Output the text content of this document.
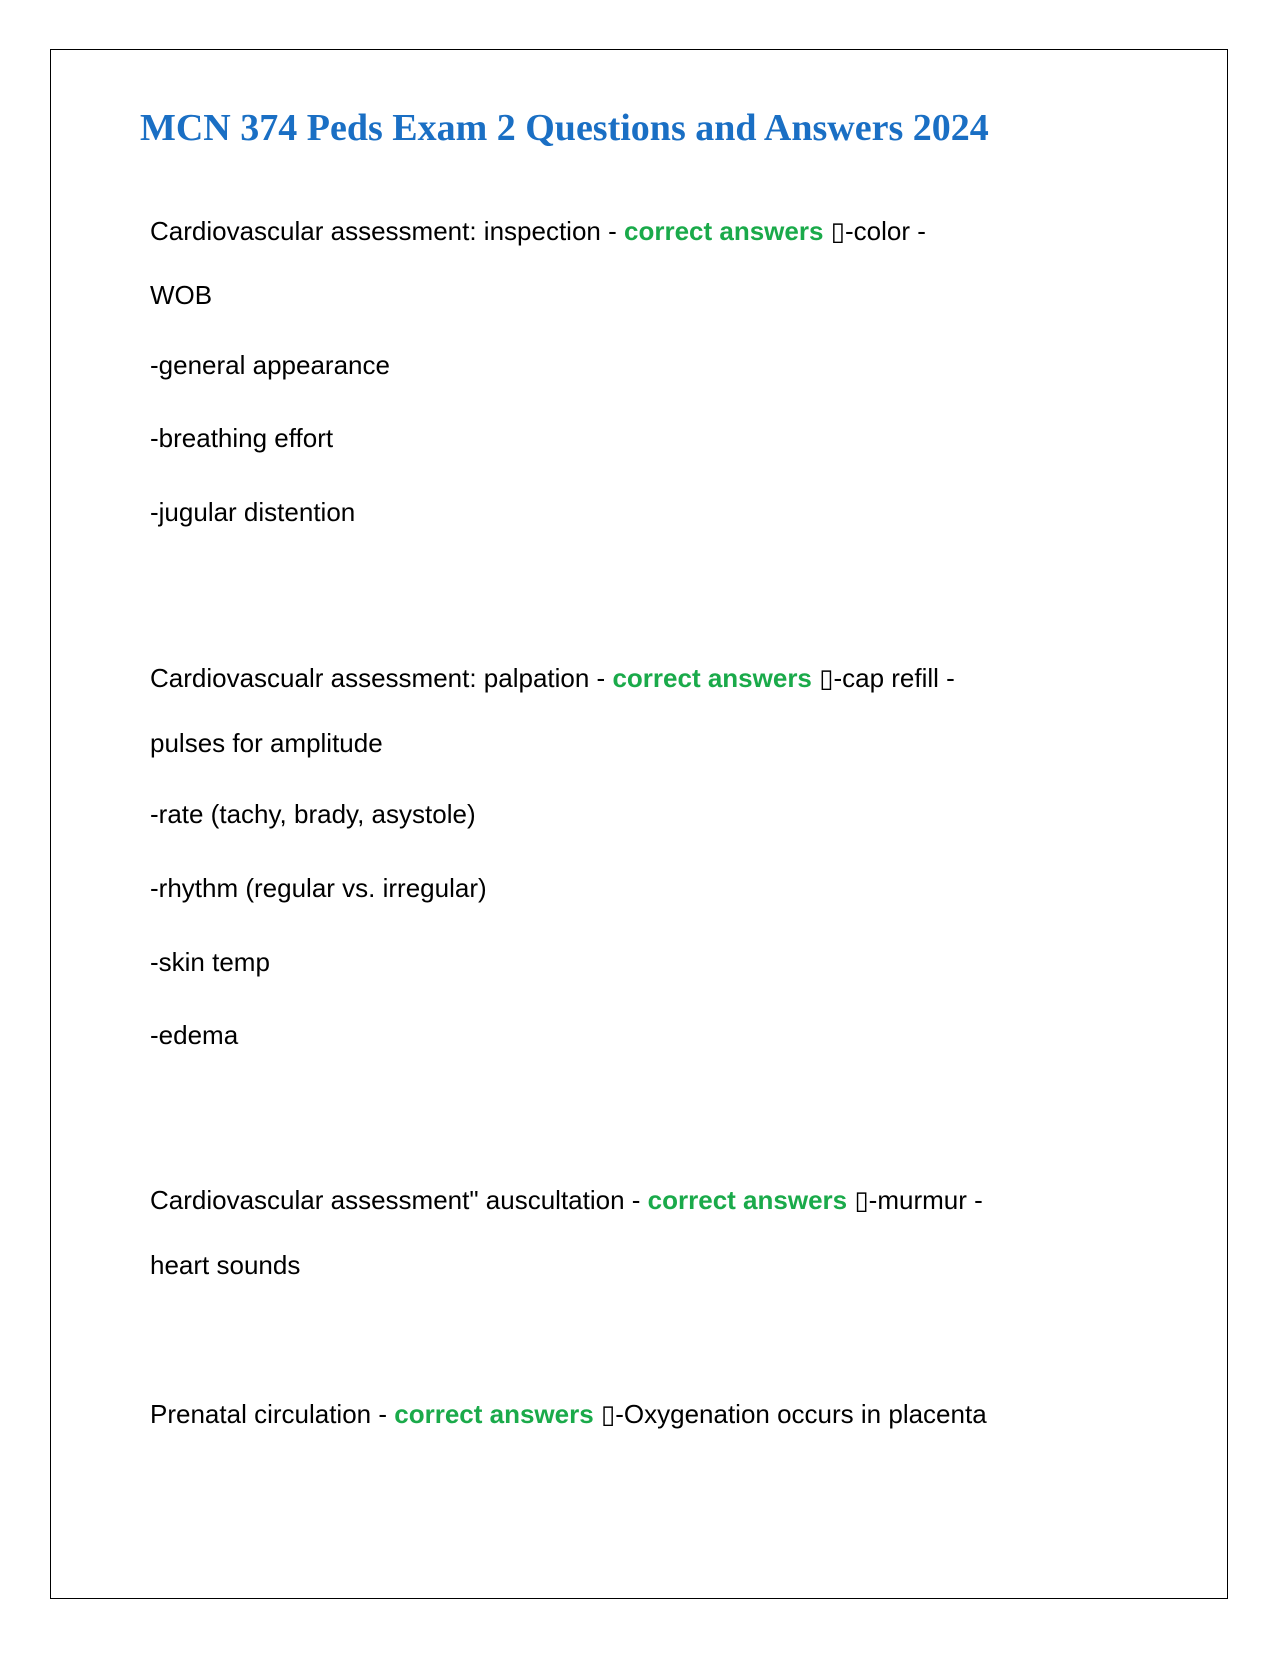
MCN 374 Peds Exam 2 Questions and Answers 2024

Cardiovascular assessment: inspection - correct answers ▯-color -

WOB

-general appearance

-breathing effort

-jugular distention

Cardiovascualr assessment: palpation - correct answers ▯-cap refill -

pulses for amplitude

-rate (tachy, brady, asystole)

-rhythm (regular vs. irregular)

-skin temp

-edema

Cardiovascular assessment" auscultation - correct answers ▯-murmur -

heart sounds

Prenatal circulation - correct answers ▯-Oxygenation occurs in placenta
